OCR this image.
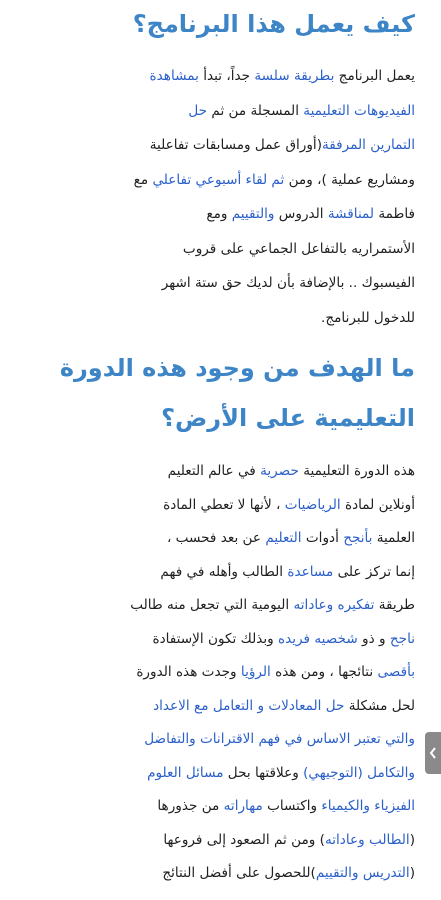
كيف يعمل هذا البرنامج؟
يعمل البرنامج بطريقة سلسة جداً، تبدأ بمشاهدة
الفيديوهات التعليمية المسجلة من ثم حل
التمارين المرفقة(أوراق عمل ومسابقات تفاعلية
ومشاريع عملية )، ومن ثم لقاء أسبوعي تفاعلي مع
فاطمة لمناقشة الدروس والتقييم ومع
الأستمراريه بالتفاعل الجماعي على قروب
الفيسبوك .. بالإضافة بأن لديك حق ستة اشهر
للدخول للبرنامج.
ما الهدف من وجود هذه الدورة
التعليمية على الأرض؟
هذه الدورة التعليمية حصرية في عالم التعليم
أونلاين لمادة الرياضيات ، لأنها لا تعطي المادة
العلمية بأنجح أدوات التعليم عن بعد فحسب ،
إنما تركز على مساعدة الطالب وأهله في فهم
طريقة تفكيره وعاداته اليومية التي تجعل منه طالب
ناجح و ذو شخصيه فريده وبذلك تكون الإستفادة
بأقصى نتائجها ، ومن هذه الرؤيا وجدت هذه الدورة
لحل مشكلة حل المعادلات و التعامل مع الاعداد
والتي تعتبر الاساس في فهم الاقترانات والتفاضل
والتكامل (التوجيهي) وعلاقتها بحل مسائل العلوم
الفيزياء والكيمياء واكتساب مهاراته من جذورها
(الطالب وعاداته) ومن ثم الصعود إلى فروعها
(التدريس والتقييم)للحصول على أفضل النتائج
